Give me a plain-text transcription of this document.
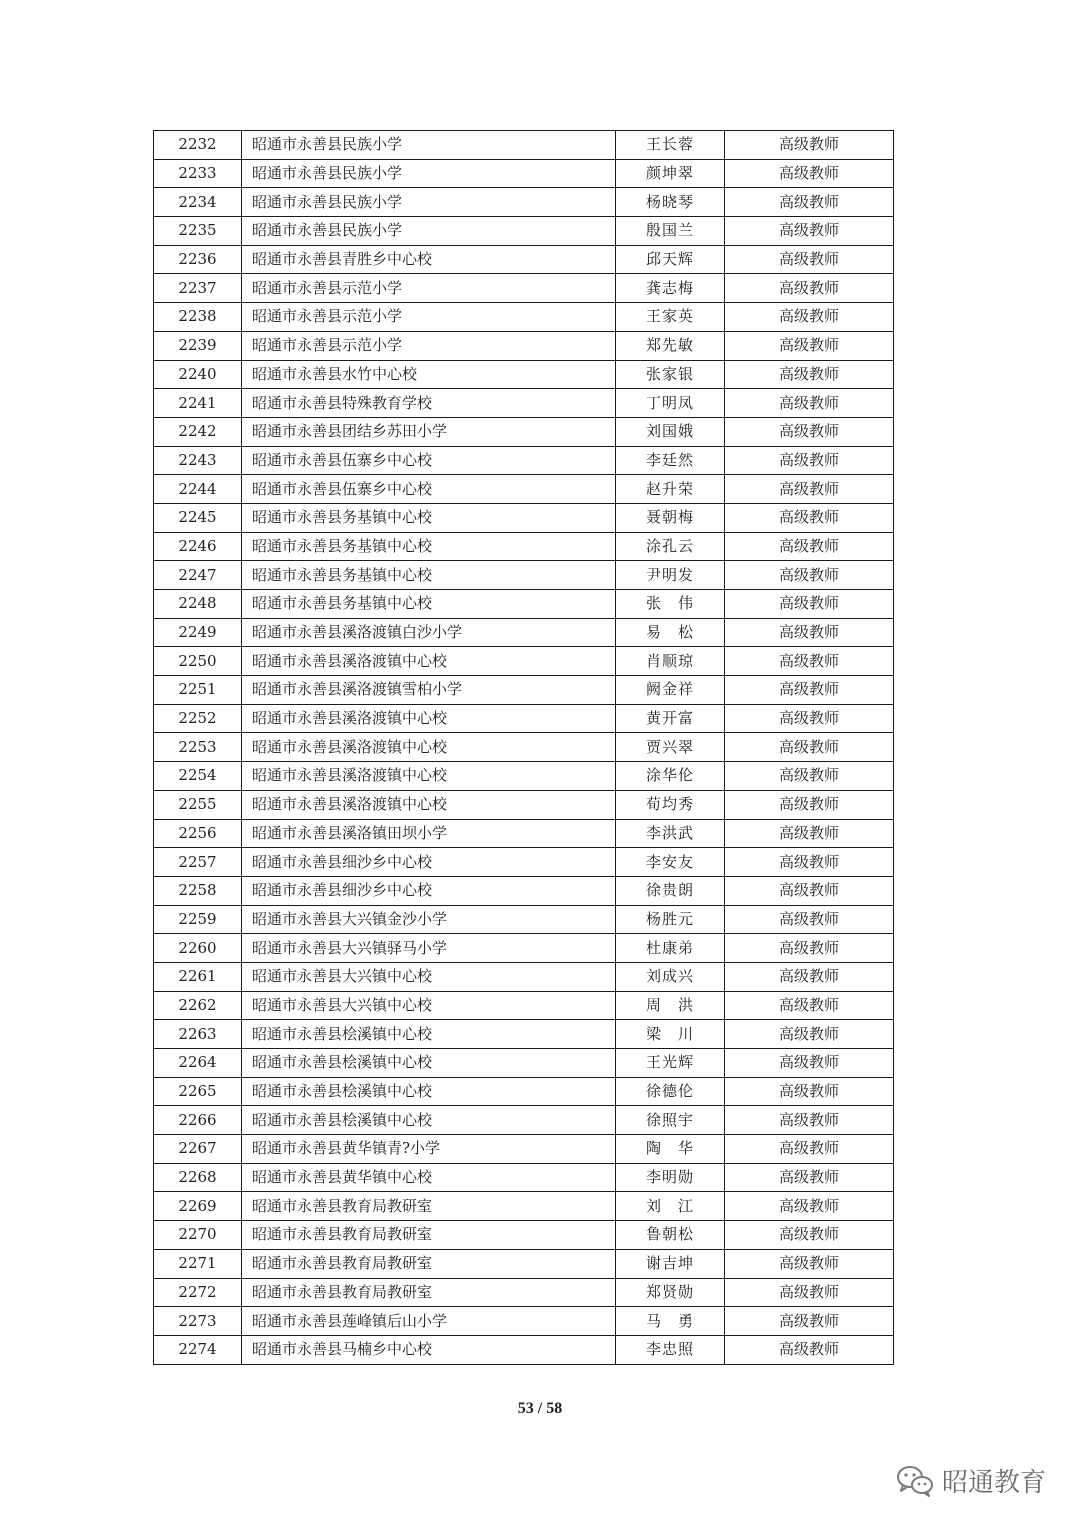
2232	昭通市永善县民族小学	王长蓉	高级教师
2233	昭通市永善县民族小学	颜坤翠	高级教师
2234	昭通市永善县民族小学	杨晓琴	高级教师
2235	昭通市永善县民族小学	殷国兰	高级教师
2236	昭通市永善县青胜乡中心校	邱天辉	高级教师
2237	昭通市永善县示范小学	龚志梅	高级教师
2238	昭通市永善县示范小学	王家英	高级教师
2239	昭通市永善县示范小学	郑先敏	高级教师
2240	昭通市永善县水竹中心校	张家银	高级教师
2241	昭通市永善县特殊教育学校	丁明凤	高级教师
2242	昭通市永善县团结乡苏田小学	刘国娥	高级教师
2243	昭通市永善县伍寨乡中心校	李廷然	高级教师
2244	昭通市永善县伍寨乡中心校	赵升荣	高级教师
2245	昭通市永善县务基镇中心校	聂朝梅	高级教师
2246	昭通市永善县务基镇中心校	涂孔云	高级教师
2247	昭通市永善县务基镇中心校	尹明发	高级教师
2248	昭通市永善县务基镇中心校	张　伟	高级教师
2249	昭通市永善县溪洛渡镇白沙小学	易　松	高级教师
2250	昭通市永善县溪洛渡镇中心校	肖顺琼	高级教师
2251	昭通市永善县溪洛渡镇雪柏小学	阙金祥	高级教师
2252	昭通市永善县溪洛渡镇中心校	黄开富	高级教师
2253	昭通市永善县溪洛渡镇中心校	贾兴翠	高级教师
2254	昭通市永善县溪洛渡镇中心校	涂华伦	高级教师
2255	昭通市永善县溪洛渡镇中心校	荀均秀	高级教师
2256	昭通市永善县溪洛镇田坝小学	李洪武	高级教师
2257	昭通市永善县细沙乡中心校	李安友	高级教师
2258	昭通市永善县细沙乡中心校	徐贵朗	高级教师
2259	昭通市永善县大兴镇金沙小学	杨胜元	高级教师
2260	昭通市永善县大兴镇驿马小学	杜康弟	高级教师
2261	昭通市永善县大兴镇中心校	刘成兴	高级教师
2262	昭通市永善县大兴镇中心校	周　洪	高级教师
2263	昭通市永善县桧溪镇中心校	梁　川	高级教师
2264	昭通市永善县桧溪镇中心校	王光辉	高级教师
2265	昭通市永善县桧溪镇中心校	徐德伦	高级教师
2266	昭通市永善县桧溪镇中心校	徐照宇	高级教师
2267	昭通市永善县黄华镇青?小学	陶　华	高级教师
2268	昭通市永善县黄华镇中心校	李明勋	高级教师
2269	昭通市永善县教育局教研室	刘　江	高级教师
2270	昭通市永善县教育局教研室	鲁朝松	高级教师
2271	昭通市永善县教育局教研室	谢吉坤	高级教师
2272	昭通市永善县教育局教研室	郑贤勋	高级教师
2273	昭通市永善县莲峰镇后山小学	马　勇	高级教师
2274	昭通市永善县马楠乡中心校	李忠照	高级教师
53 / 58
昭通教育
